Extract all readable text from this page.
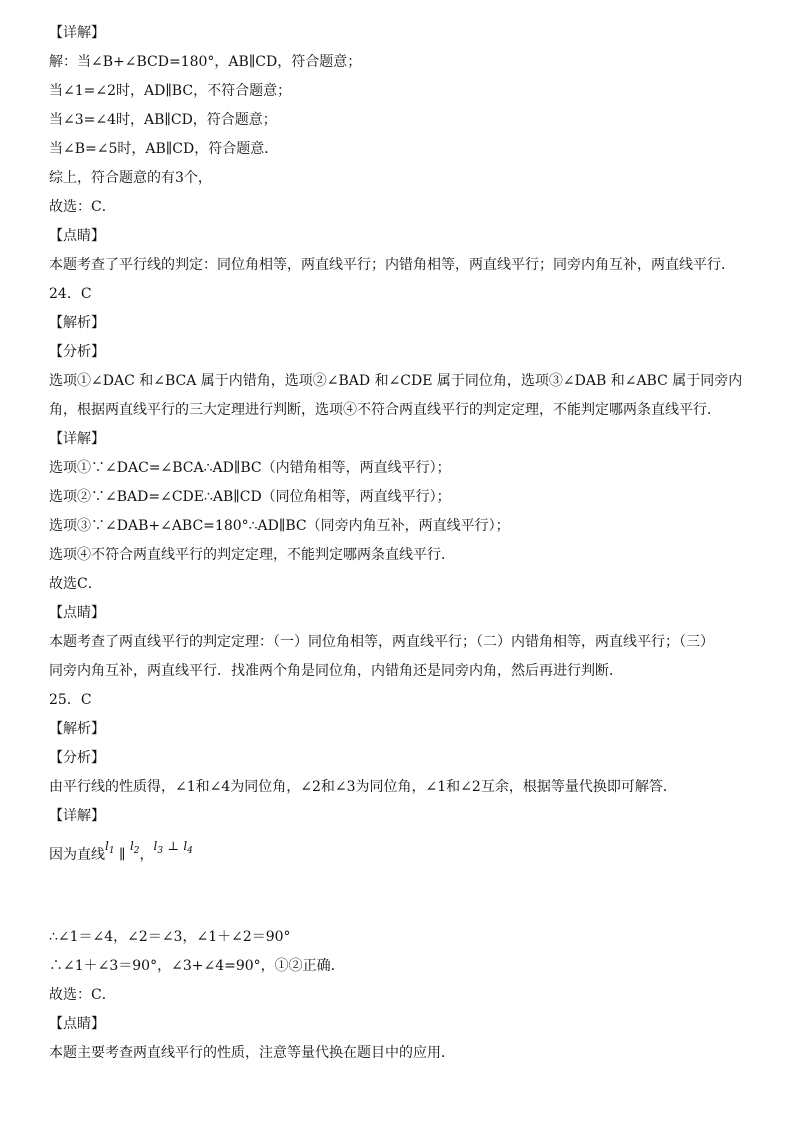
【详解】
解：当∠B+∠BCD=180°，AB∥CD，符合题意；
当∠1=∠2时，AD∥BC，不符合题意；
当∠3=∠4时，AB∥CD，符合题意；
当∠B=∠5时，AB∥CD，符合题意．
综上，符合题意的有3个，
故选：C．
【点睛】
本题考查了平行线的判定：同位角相等，两直线平行；内错角相等，两直线平行；同旁内角互补，两直线平行．
24．C
【解析】
【分析】
选项①∠DAC 和∠BCA 属于内错角，选项②∠BAD 和∠CDE 属于同位角，选项③∠DAB 和∠ABC 属于同旁内
角，根据两直线平行的三大定理进行判断，选项④不符合两直线平行的判定定理，不能判定哪两条直线平行．
【详解】
选项①∵∠DAC=∠BCA∴AD∥BC（内错角相等，两直线平行）；
选项②∵∠BAD=∠CDE∴AB∥CD（同位角相等，两直线平行）；
选项③∵∠DAB+∠ABC=180°∴AD∥BC（同旁内角互补，两直线平行）；
选项④不符合两直线平行的判定定理，不能判定哪两条直线平行．
故选C．
【点睛】
本题考查了两直线平行的判定定理：（一）同位角相等，两直线平行；（二）内错角相等，两直线平行；（三）
同旁内角互补，两直线平行．找准两个角是同位角，内错角还是同旁内角，然后再进行判断．
25．C
【解析】
【分析】
由平行线的性质得，∠1和∠4为同位角，∠2和∠3为同位角，∠1和∠2互余，根据等量代换即可解答．
【详解】
因为直线$l_1$ ∥ $l_2$，$l_3$ ⊥ $l_4$
∴∠1＝∠4，∠2＝∠3，∠1＋∠2＝90°
∴∠1＋∠3＝90°，∠3+∠4=90°，①②正确．
故选：C．
【点睛】
本题主要考查两直线平行的性质，注意等量代换在题目中的应用．
